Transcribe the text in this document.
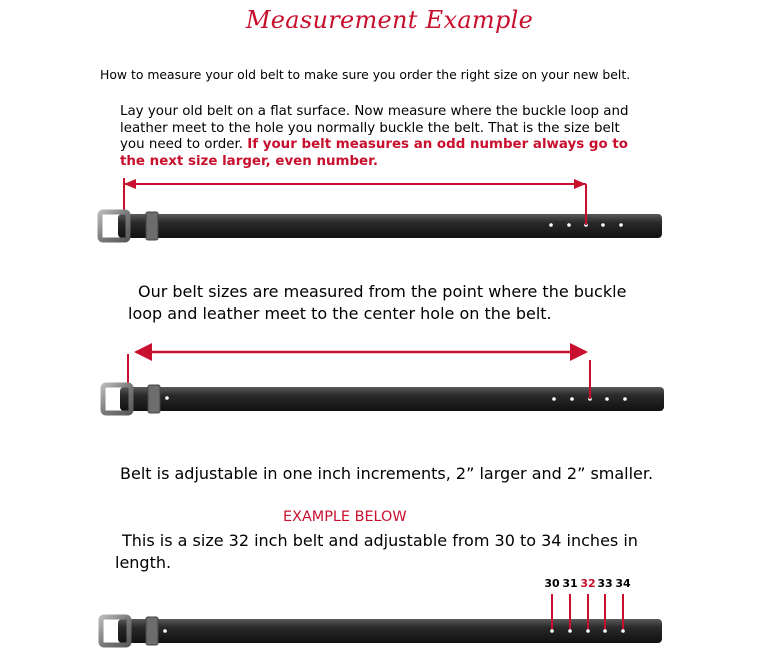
Measurement Example
How to measure your old belt to make sure you order the right size on your new belt.
Lay your old belt on a flat surface. Now measure where the buckle loop and leather meet to the hole you normally buckle the belt. That is the size belt you need to order. If your belt measures an odd number always go to the next size larger, even number.
Our belt sizes are measured from the point where the buckle
loop and leather meet to the center hole on the belt.
Belt is adjustable in one inch increments, 2” larger and 2” smaller.
EXAMPLE BELOW
This is a size 32 inch belt and adjustable from 30 to 34 inches in
length.
30 31 32 33 34
